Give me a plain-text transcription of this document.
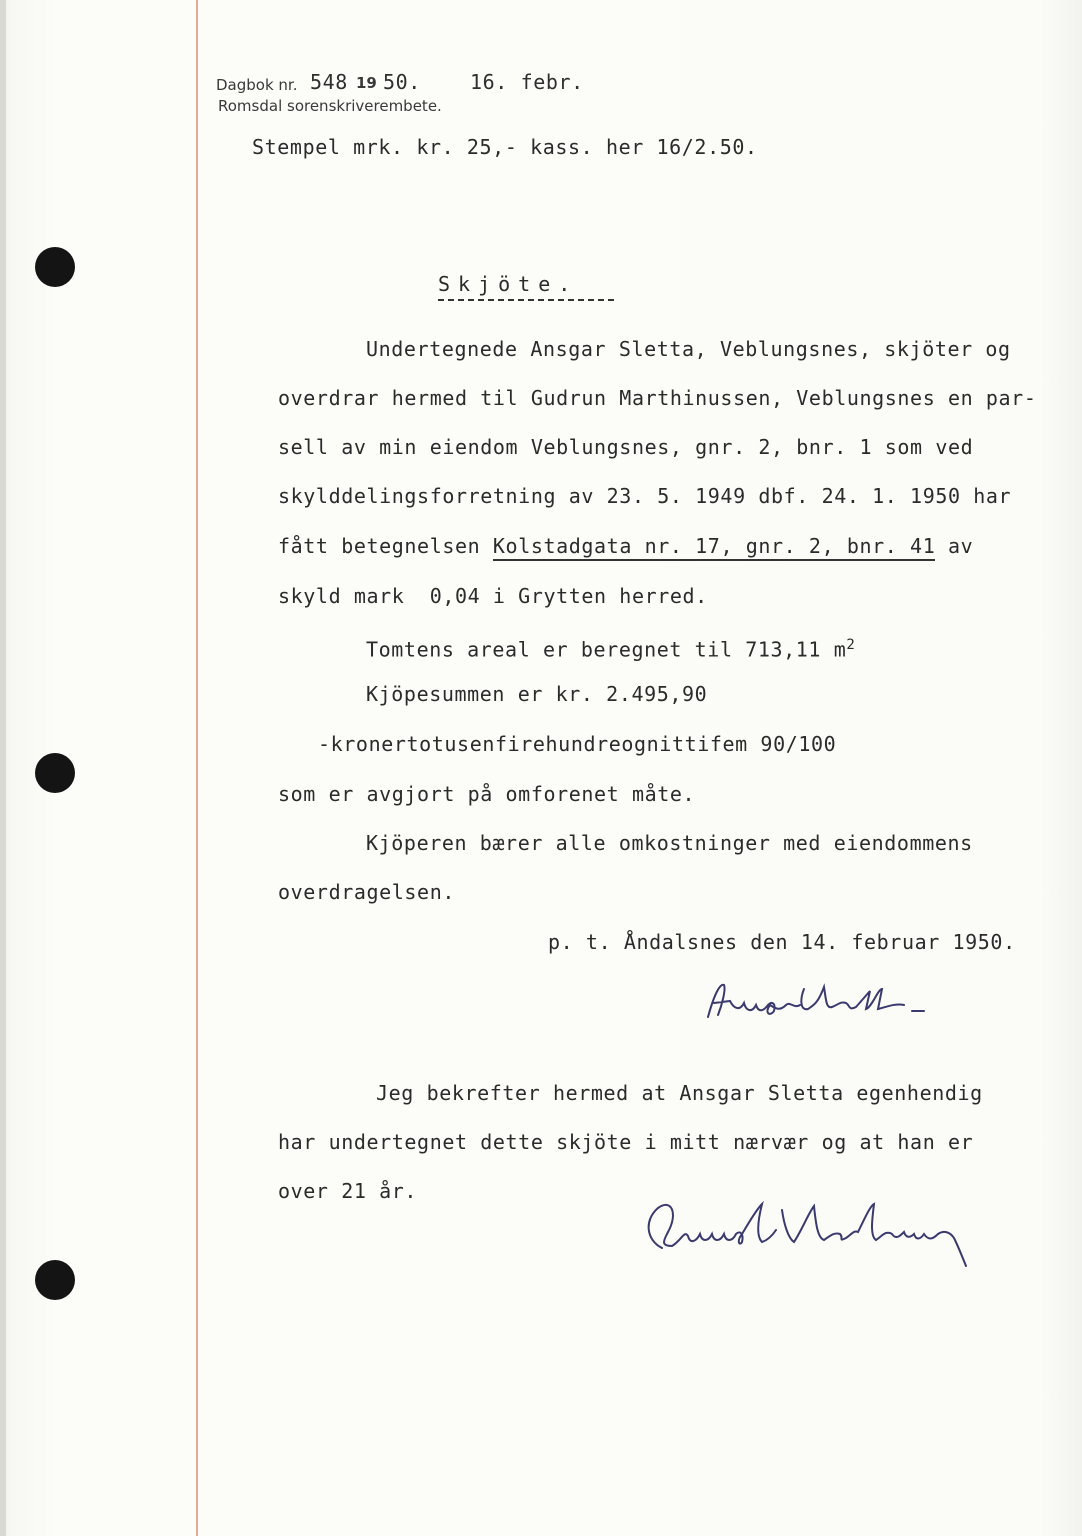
Dagbok nr. 548 19 50. 16. febr.
Romsdal sorenskriverembete.
Stempel mrk. kr. 25,- kass. her 16/2.50.
Skjöte.
Undertegnede Ansgar Sletta, Veblungsnes, skjöter og
overdrar hermed til Gudrun Marthinussen, Veblungsnes en par-
sell av min eiendom Veblungsnes, gnr. 2, bnr. 1 som ved
skylddelingsforretning av 23. 5. 1949 dbf. 24. 1. 1950 har
fått betegnelsen Kolstadgata nr. 17, gnr. 2, bnr. 41 av
skyld mark  0,04 i Grytten herred.
Tomtens areal er beregnet til 713,11 $m^2$
Kjöpesummen er kr. 2.495,90
-kronertotusenfirehundreognittifem 90/100
som er avgjort på omforenet måte.
Kjöperen bærer alle omkostninger med eiendommens
overdragelsen.
p. t. Åndalsnes den 14. februar 1950.
Jeg bekrefter hermed at Ansgar Sletta egenhendig
har undertegnet dette skjöte i mitt nærvær og at han er
over 21 år.
